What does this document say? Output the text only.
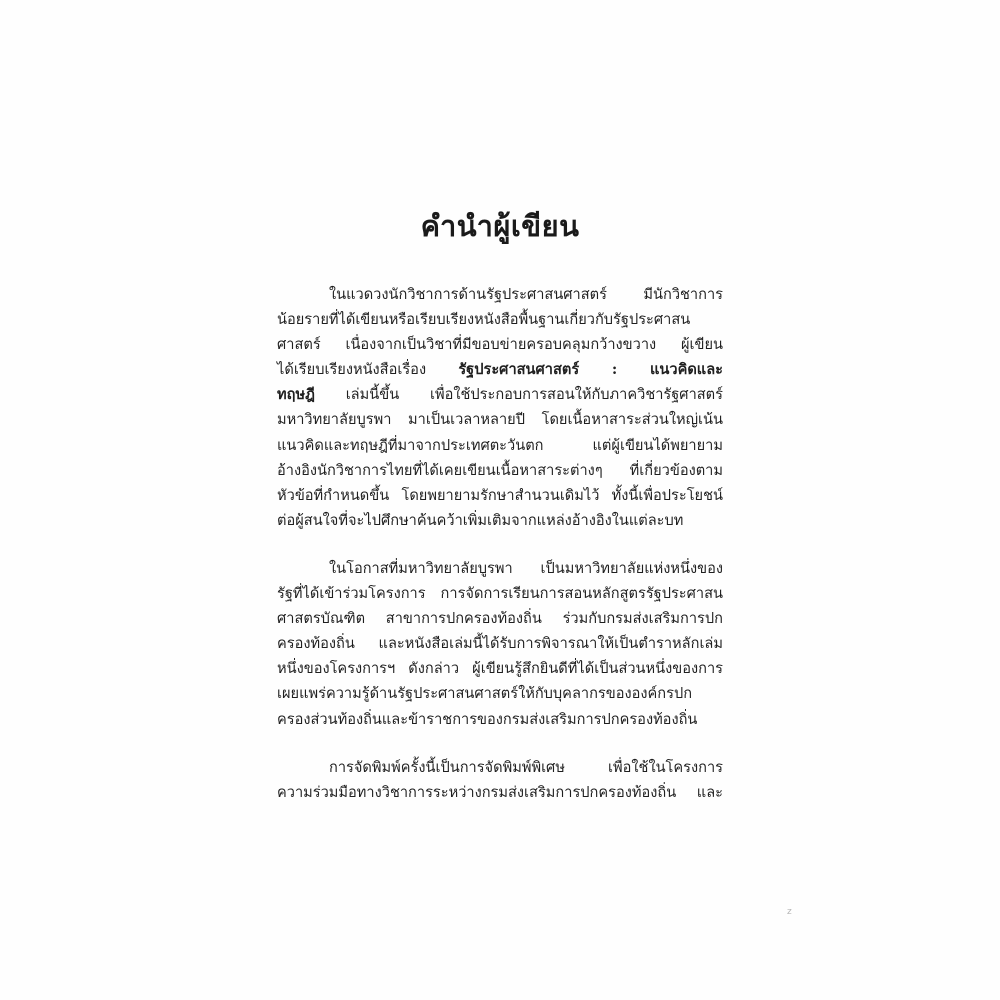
คำนำผู้เขียน
ในแวดวงนักวิชาการด้านรัฐประศาสนศาสตร์ มีนักวิชาการ
น้อยรายที่ได้เขียนหรือเรียบเรียงหนังสือพื้นฐานเกี่ยวกับรัฐประศาสน
ศาสตร์ เนื่องจากเป็นวิชาที่มีขอบข่ายครอบคลุมกว้างขวาง ผู้เขียน
ได้เรียบเรียงหนังสือเรื่อง รัฐประศาสนศาสตร์ : แนวคิดและ
ทฤษฎี เล่มนี้ขึ้น เพื่อใช้ประกอบการสอนให้กับภาควิชารัฐศาสตร์
มหาวิทยาลัยบูรพา มาเป็นเวลาหลายปี โดยเนื้อหาสาระส่วนใหญ่เน้น
แนวคิดและทฤษฎีที่มาจากประเทศตะวันตก แต่ผู้เขียนได้พยายาม
อ้างอิงนักวิชาการไทยที่ได้เคยเขียนเนื้อหาสาระต่างๆ ที่เกี่ยวข้องตาม
หัวข้อที่กำหนดขึ้น โดยพยายามรักษาสำนวนเดิมไว้ ทั้งนี้เพื่อประโยชน์
ต่อผู้สนใจที่จะไปศึกษาค้นคว้าเพิ่มเติมจากแหล่งอ้างอิงในแต่ละบท
ในโอกาสที่มหาวิทยาลัยบูรพา เป็นมหาวิทยาลัยแห่งหนึ่งของ
รัฐที่ได้เข้าร่วมโครงการ การจัดการเรียนการสอนหลักสูตรรัฐประศาสน
ศาสตรบัณฑิต สาขาการปกครองท้องถิ่น ร่วมกับกรมส่งเสริมการปก
ครองท้องถิ่น และหนังสือเล่มนี้ได้รับการพิจารณาให้เป็นตำราหลักเล่ม
หนึ่งของโครงการฯ ดังกล่าว ผู้เขียนรู้สึกยินดีที่ได้เป็นส่วนหนึ่งของการ
เผยแพร่ความรู้ด้านรัฐประศาสนศาสตร์ให้กับบุคลากรขององค์กรปก
ครองส่วนท้องถิ่นและข้าราชการของกรมส่งเสริมการปกครองท้องถิ่น
การจัดพิมพ์ครั้งนี้เป็นการจัดพิมพ์พิเศษ เพื่อใช้ในโครงการ
ความร่วมมือทางวิชาการระหว่างกรมส่งเสริมการปกครองท้องถิ่น และ
z
